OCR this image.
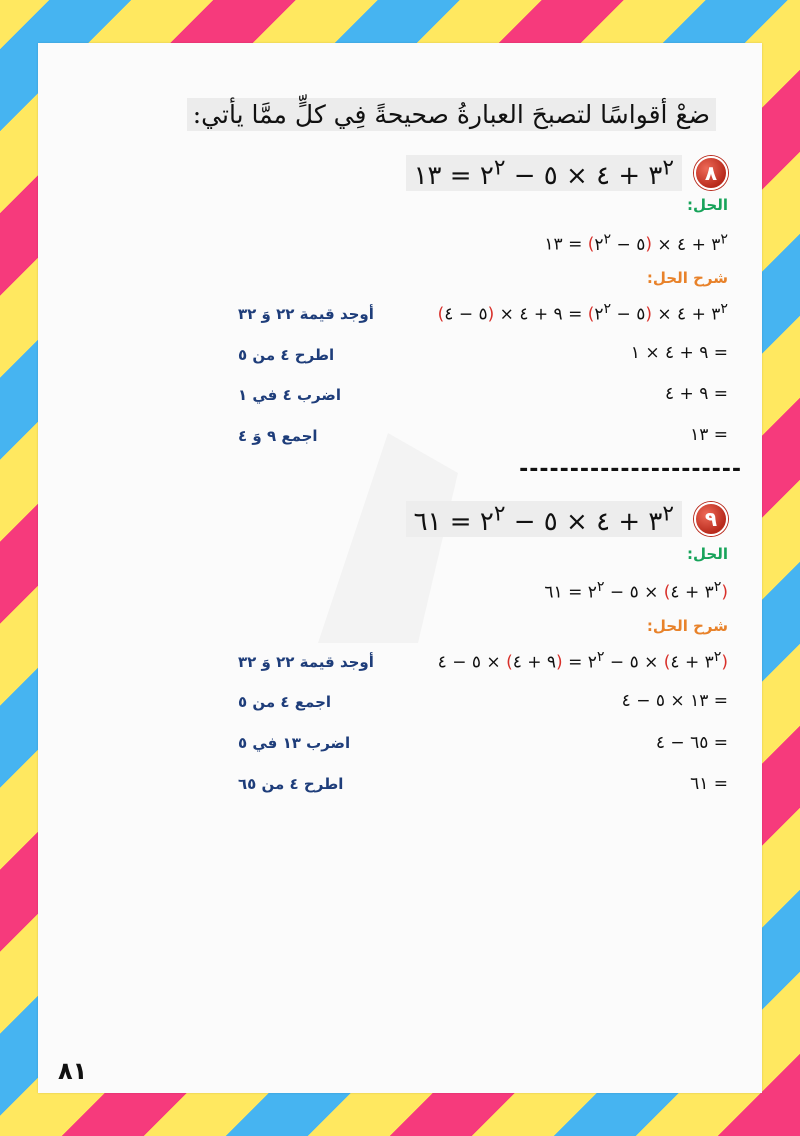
ضعْ أقواسًا لتصبحَ العبارةُ صحيحةً فِي كلٍّ ممَّا يأتي:
٨
$٣^٢$ + ٤ × ٥ − $٢^٢$ = ١٣
الحل:
$٣^٢$ + ٤ × (٥ − $٢^٢$) = ١٣
شرح الحل:
$٣^٢$ + ٤ × (٥ − $٢^٢$) = ٩ + ٤ × (٥ − ٤)
أوجد قيمة ٢٢ وَ ٣٢
= ٩ + ٤ × ١
اطرح ٤ من ٥
= ٩ + ٤
اضرب ٤ في ١
= ١٣
اجمع ٩ وَ ٤
----------------------
٩
$٣^٢$ + ٤ × ٥ − $٢^٢$ = ٦١
الحل:
($٣^٢$ + ٤) × ٥ − $٢^٢$ = ٦١
شرح الحل:
($٣^٢$ + ٤) × ٥ − $٢^٢$ = (٩ + ٤) × ٥ − ٤
أوجد قيمة ٢٢ وَ ٣٢
= ١٣ × ٥ − ٤
اجمع ٤ من ٥
= ٦٥ − ٤
اضرب ١٣ في ٥
= ٦١
اطرح ٤ من ٦٥
٨١
